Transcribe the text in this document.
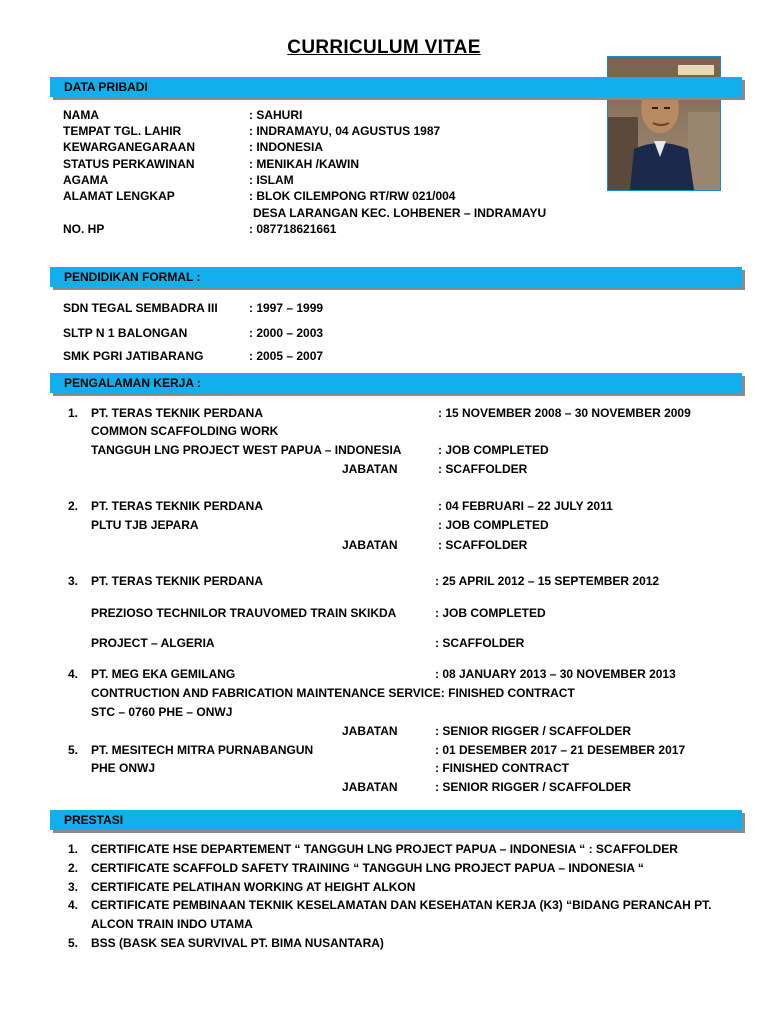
CURRICULUM VITAE
DATA PRIBADI
NAMA	: SAHURI
TEMPAT TGL. LAHIR	: INDRAMAYU, 04 AGUSTUS 1987
KEWARGANEGARAAN	: INDONESIA
STATUS PERKAWINAN	: MENIKAH /KAWIN
AGAMA	: ISLAM
ALAMAT LENGKAP	: BLOK CILEMPONG RT/RW 021/004
DESA LARANGAN KEC. LOHBENER – INDRAMAYU
NO. HP	: 087718621661
PENDIDIKAN FORMAL :
SDN TEGAL SEMBADRA III	: 1997 – 1999
SLTP N 1 BALONGAN	: 2000 – 2003
SMK PGRI JATIBARANG	: 2005 – 2007
PENGALAMAN KERJA :
1. PT. TERAS TEKNIK PERDANA	: 15 NOVEMBER 2008 – 30 NOVEMBER 2009
COMMON SCAFFOLDING WORK
TANGGUH LNG PROJECT WEST PAPUA – INDONESIA	: JOB COMPLETED
JABATAN	: SCAFFOLDER
2. PT. TERAS TEKNIK PERDANA	: 04 FEBRUARI – 22 JULY 2011
PLTU TJB JEPARA	: JOB COMPLETED
JABATAN	: SCAFFOLDER
3. PT. TERAS TEKNIK PERDANA	: 25 APRIL 2012 – 15 SEPTEMBER 2012
PREZIOSO TECHNILOR TRAUVOMED TRAIN SKIKDA	: JOB COMPLETED
PROJECT – ALGERIA	: SCAFFOLDER
4. PT. MEG EKA GEMILANG	: 08 JANUARY 2013 – 30 NOVEMBER 2013
CONTRUCTION AND FABRICATION MAINTENANCE SERVICE: FINISHED CONTRACT
STC – 0760 PHE – ONWJ
JABATAN	: SENIOR RIGGER / SCAFFOLDER
5. PT. MESITECH MITRA PURNABANGUN	: 01 DESEMBER 2017 – 21 DESEMBER 2017
PHE ONWJ	: FINISHED CONTRACT
JABATAN	: SENIOR RIGGER / SCAFFOLDER
PRESTASI
1. CERTIFICATE HSE DEPARTEMENT “ TANGGUH LNG PROJECT PAPUA – INDONESIA “ : SCAFFOLDER
2. CERTIFICATE SCAFFOLD SAFETY TRAINING “ TANGGUH LNG PROJECT PAPUA – INDONESIA “
3. CERTIFICATE PELATIHAN WORKING AT HEIGHT ALKON
4. CERTIFICATE PEMBINAAN TEKNIK KESELAMATAN DAN KESEHATAN KERJA (K3) “BIDANG PERANCAH PT.
ALCON TRAIN INDO UTAMA
5. BSS (BASK SEA SURVIVAL PT. BIMA NUSANTARA)
